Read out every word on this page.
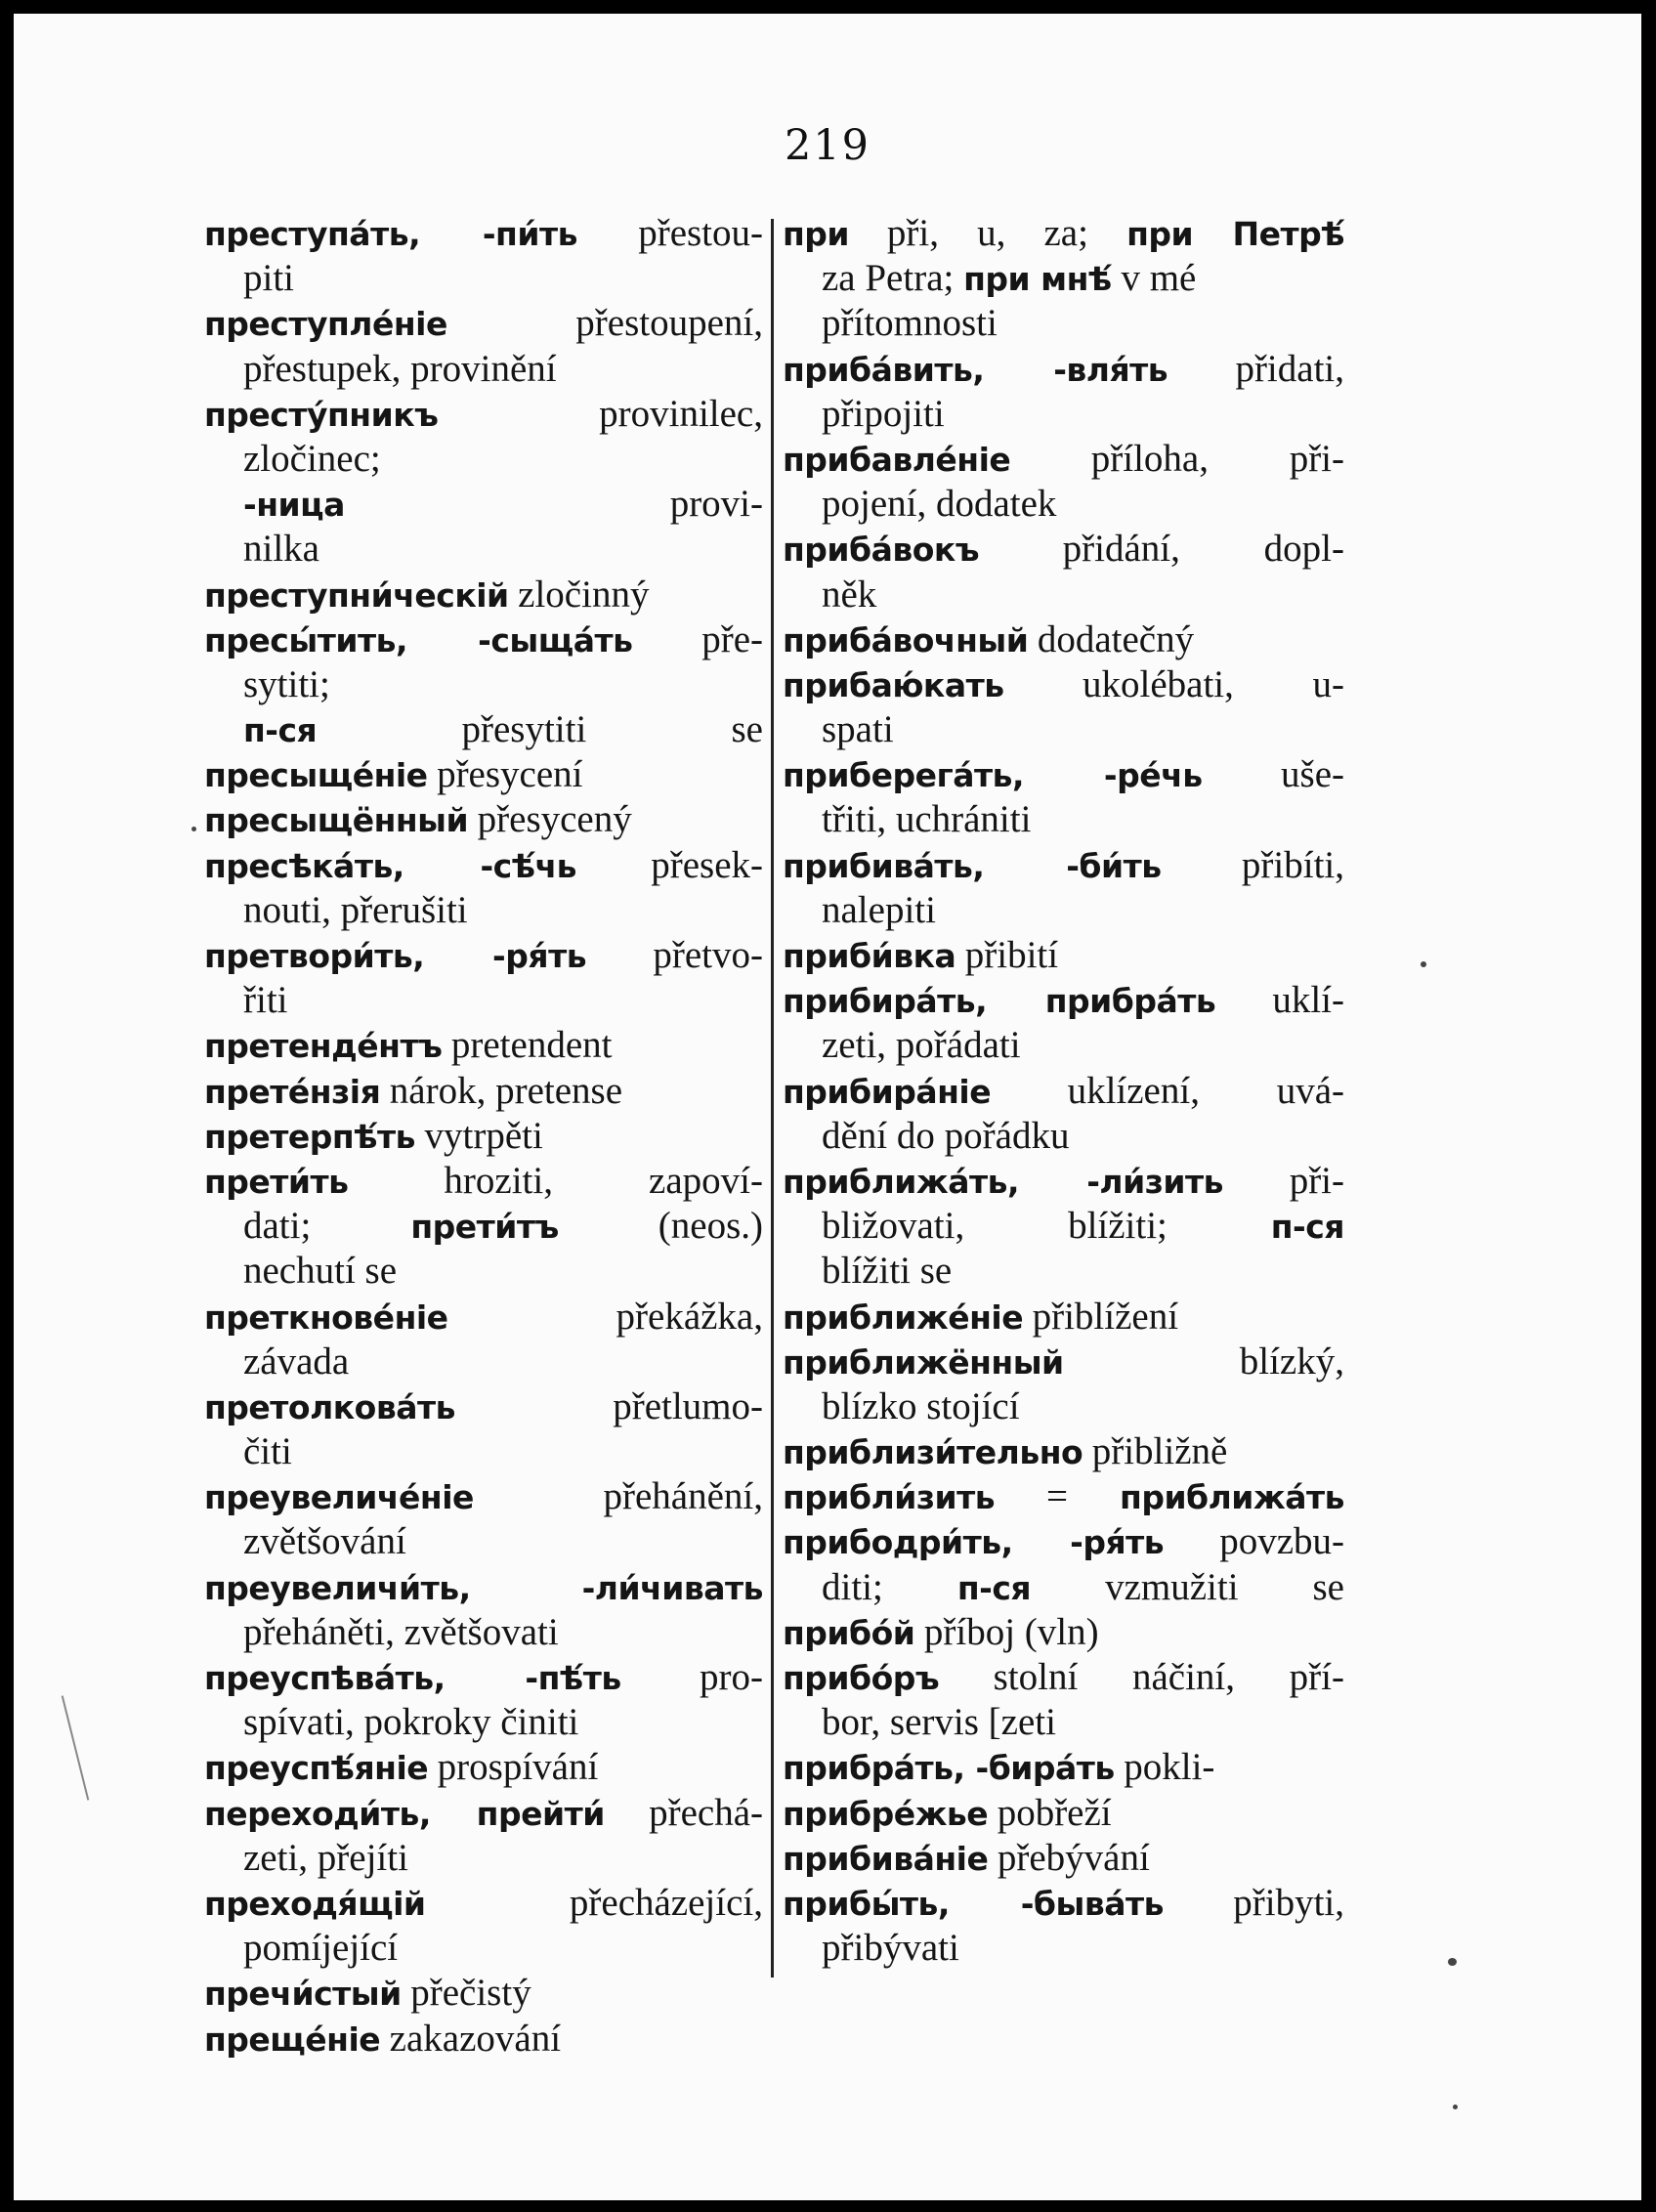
219
преступа́ть, -пи́ть přestou-
piti
преступле́ніе	přestoupení,
přestupek, provinění
престу́пникъ	provinilec,
zločinec;
-ница provi-
nilka
преступни́ческій zločinný
пресы́тить, -сыща́ть pře-
sytiti;
п-ся přesytiti se
пресыще́ніе přesycení
пресыщённый přesycený
пресѣка́ть, -сѣ́чь přesek-
nouti, přerušiti
претвори́ть, -ря́ть přetvo-
řiti
претенде́нтъ pretendent
прете́нзія nárok, pretense
претерпѣ́ть vytrpěti
прети́ть	hroziti, zapoví-
dati; прети́тъ (neos.)
nechutí se
преткнове́ніе	překážka,
závada
претолкова́ть	přetlumo-
čiti
преувеличе́ніе	přehánění,
zvětšování
преувеличи́ть,	-ли́чивать
přeháněti, zvětšovati
преуспѣва́ть, -пѣ́ть pro-
spívati, pokroky činiti
преуспѣ́яніе prospívání
переходи́ть, прейти́ přechá-
zeti, přejíti
преходя́щій	přecházející,
pomíjející
пречи́стый přečistý
преще́ніе zakazování
при při, u, za; при Петрѣ́
za Petra; при мнѣ́ v mé
přítomnosti
приба́вить, -вля́ть přidati,
připojiti
прибавле́ніе příloha, při-
pojení, dodatek
приба́вокъ přidání, dopl-
něk
приба́вочный dodatečný
прибаю́кать ukolébati, u-
spati
приберега́ть, -ре́чь uše-
třiti, uchrániti
прибива́ть, -би́ть přibíti,
nalepiti
приби́вка přibití
прибира́ть, прибра́ть uklí-
zeti, pořádati
прибира́ніе uklízení, uvá-
dění do pořádku
приближа́ть, -ли́зить při-
bližovati, blížiti; п-ся
blížiti se
приближе́ніе přiblížení
приближённый	blízký,
blízko stojící
приблизи́тельно přibližně
прибли́зить = приближа́ть
прибодри́ть, -ря́ть povzbu-
diti; п-ся vzmužiti se
прибо́й příboj (vln)
прибо́ръ stolní náčiní, pří-
bor, servis [zeti
прибра́ть, -бира́ть pokli-
прибре́жье pobřeží
прибива́ніе přebývání
прибы́ть, -быва́ть přibyti,
přibývati
